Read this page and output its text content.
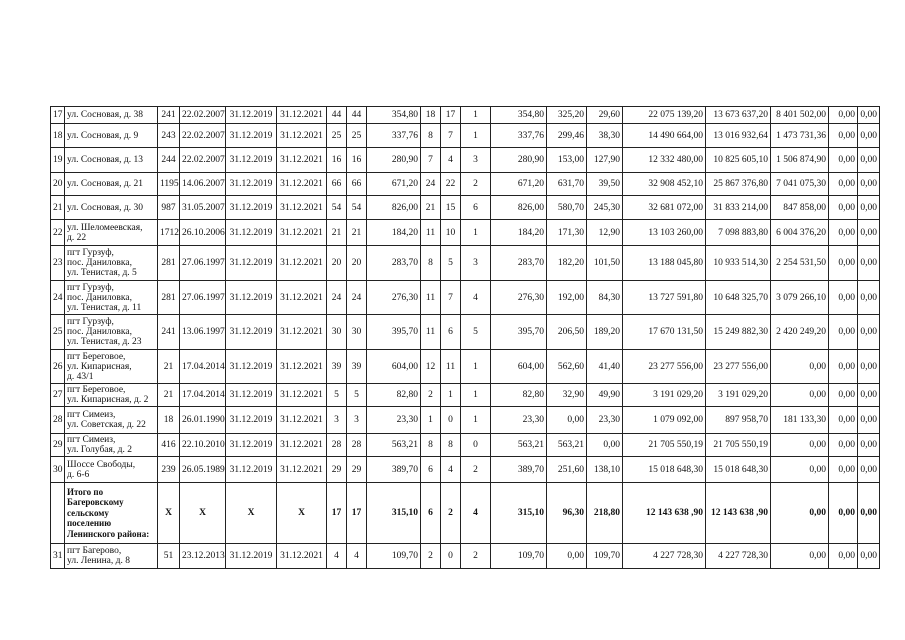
17	ул. Сосновая, д. 38	241	22.02.2007	31.12.2019	31.12.2021	44	44	354,80	18	17	1	354,80	325,20	29,60	22 075 139,20	13 673 637,20	8 401 502,00	0,00	0,00
18	ул. Сосновая, д. 9	243	22.02.2007	31.12.2019	31.12.2021	25	25	337,76	8	7	1	337,76	299,46	38,30	14 490 664,00	13 016 932,64	1 473 731,36	0,00	0,00
19	ул. Сосновая, д. 13	244	22.02.2007	31.12.2019	31.12.2021	16	16	280,90	7	4	3	280,90	153,00	127,90	12 332 480,00	10 825 605,10	1 506 874,90	0,00	0,00
20	ул. Сосновая, д. 21	1195	14.06.2007	31.12.2019	31.12.2021	66	66	671,20	24	22	2	671,20	631,70	39,50	32 908 452,10	25 867 376,80	7 041 075,30	0,00	0,00
21	ул. Сосновая, д. 30	987	31.05.2007	31.12.2019	31.12.2021	54	54	826,00	21	15	6	826,00	580,70	245,30	32 681 072,00	31 833 214,00	847 858,00	0,00	0,00
22	ул. Шеломеевская,
д. 22	1712	26.10.2006	31.12.2019	31.12.2021	21	21	184,20	11	10	1	184,20	171,30	12,90	13 103 260,00	7 098 883,80	6 004 376,20	0,00	0,00
23	пгт Гурзуф,
пос. Даниловка,
ул. Тенистая, д. 5	281	27.06.1997	31.12.2019	31.12.2021	20	20	283,70	8	5	3	283,70	182,20	101,50	13 188 045,80	10 933 514,30	2 254 531,50	0,00	0,00
24	пгт Гурзуф,
пос. Даниловка,
ул. Тенистая, д. 11	281	27.06.1997	31.12.2019	31.12.2021	24	24	276,30	11	7	4	276,30	192,00	84,30	13 727 591,80	10 648 325,70	3 079 266,10	0,00	0,00
25	пгт Гурзуф,
пос. Даниловка,
ул. Тенистая, д. 23	241	13.06.1997	31.12.2019	31.12.2021	30	30	395,70	11	6	5	395,70	206,50	189,20	17 670 131,50	15 249 882,30	2 420 249,20	0,00	0,00
26	пгт Береговое,
ул. Кипарисная,
д. 43/1	21	17.04.2014	31.12.2019	31.12.2021	39	39	604,00	12	11	1	604,00	562,60	41,40	23 277 556,00	23 277 556,00	0,00	0,00	0,00
27	пгт Береговое,
ул. Кипарисная, д. 2	21	17.04.2014	31.12.2019	31.12.2021	5	5	82,80	2	1	1	82,80	32,90	49,90	3 191 029,20	3 191 029,20	0,00	0,00	0,00
28	пгт Симеиз,
ул. Советская, д. 22	18	26.01.1990	31.12.2019	31.12.2021	3	3	23,30	1	0	1	23,30	0,00	23,30	1 079 092,00	897 958,70	181 133,30	0,00	0,00
29	пгт Симеиз,
ул. Голубая, д. 2	416	22.10.2010	31.12.2019	31.12.2021	28	28	563,21	8	8	0	563,21	563,21	0,00	21 705 550,19	21 705 550,19	0,00	0,00	0,00
30	Шоссе Свободы,
д. 6-6	239	26.05.1989	31.12.2019	31.12.2021	29	29	389,70	6	4	2	389,70	251,60	138,10	15 018 648,30	15 018 648,30	0,00	0,00	0,00

	Итого по
Багеровскому
сельскому
поселению
Ленинского района:	X	X	X	X	17	17	315,10	6	2	4	315,10	96,30	218,80	12 143 638 ,90	12 143 638 ,90	0,00	0,00	0,00
31	пгт Багерово,
ул. Ленина, д. 8	51	23.12.2013	31.12.2019	31.12.2021	4	4	109,70	2	0	2	109,70	0,00	109,70	4 227 728,30	4 227 728,30	0,00	0,00	0,00
